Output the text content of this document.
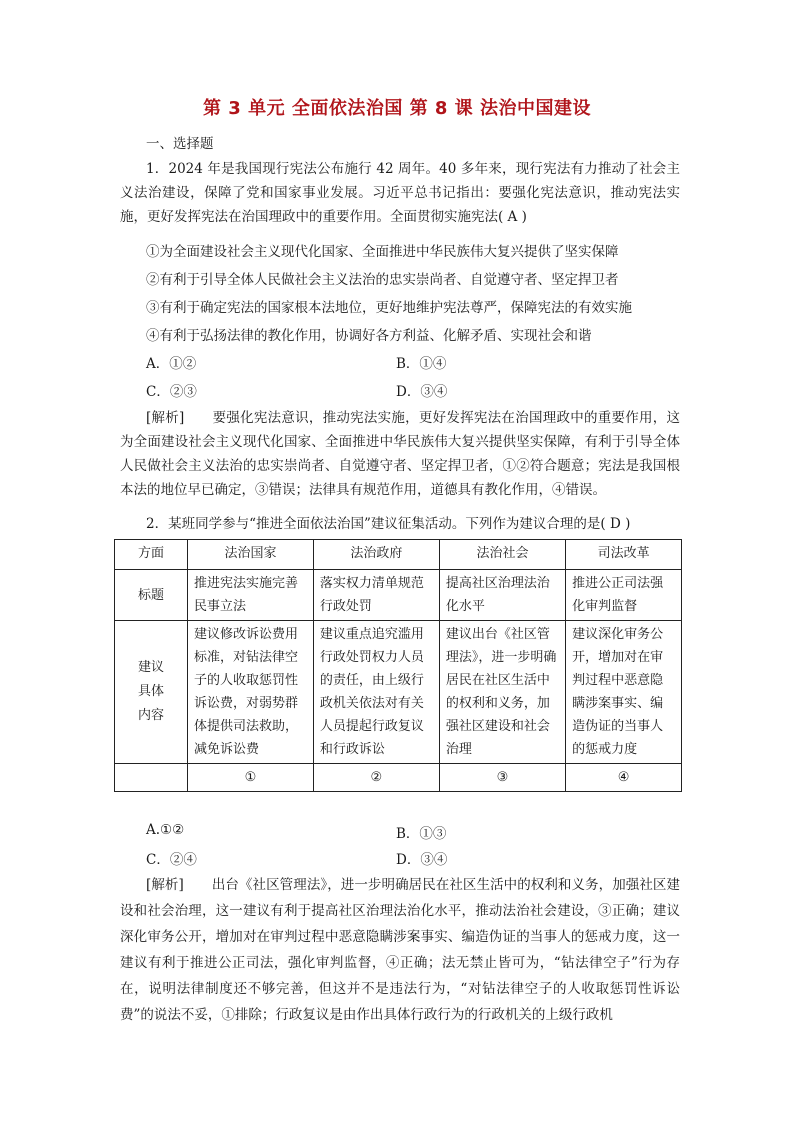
第 3 单元 全面依法治国 第 8 课 法治中国建设
一、选择题
1．2024 年是我国现行宪法公布施行 42 周年。40 多年来，现行宪法有力推动了社会主义法治建设，保障了党和国家事业发展。习近平总书记指出：要强化宪法意识，推动宪法实施，更好发挥宪法在治国理政中的重要作用。全面贯彻实施宪法( A )
①为全面建设社会主义现代化国家、全面推进中华民族伟大复兴提供了坚实保障
②有利于引导全体人民做社会主义法治的忠实崇尚者、自觉遵守者、坚定捍卫者
③有利于确定宪法的国家根本法地位，更好地维护宪法尊严，保障宪法的有效实施
④有利于弘扬法律的教化作用，协调好各方利益、化解矛盾、实现社会和谐
A．①②	B．①④
C．②③	D．③④
[解析] 要强化宪法意识，推动宪法实施，更好发挥宪法在治国理政中的重要作用，这为全面建设社会主义现代化国家、全面推进中华民族伟大复兴提供坚实保障，有利于引导全体人民做社会主义法治的忠实崇尚者、自觉遵守者、坚定捍卫者，①②符合题意；宪法是我国根本法的地位早已确定，③错误；法律具有规范作用，道德具有教化作用，④错误。
2．某班同学参与“推进全面依法治国”建议征集活动。下列作为建议合理的是( D )
方面	法治国家	法治政府	法治社会	司法改革
标题	推进宪法实施完善民事立法	落实权力清单规范行政处罚	提高社区治理法治化水平	推进公正司法强化审判监督
建议具体内容	建议修改诉讼费用标准，对钻法律空子的人收取惩罚性诉讼费，对弱势群体提供司法救助，减免诉讼费	建议重点追究滥用行政处罚权力人员的责任，由上级行政机关依法对有关人员提起行政复议和行政诉讼	建议出台《社区管理法》，进一步明确居民在社区生活中的权利和义务，加强社区建设和社会治理	建议深化审务公开，增加对在审判过程中恶意隐瞒涉案事实、编造伪证的当事人的惩戒力度
	①	②	③	④
A.①②	B．①③
C．②④	D．③④
[解析] 出台《社区管理法》，进一步明确居民在社区生活中的权利和义务，加强社区建设和社会治理，这一建议有利于提高社区治理法治化水平，推动法治社会建设，③正确；建议深化审务公开，增加对在审判过程中恶意隐瞒涉案事实、编造伪证的当事人的惩戒力度，这一建议有利于推进公正司法，强化审判监督，④正确；法无禁止皆可为，“钻法律空子”行为存在，说明法律制度还不够完善，但这并不是违法行为，“对钻法律空子的人收取惩罚性诉讼费”的说法不妥，①排除；行政复议是由作出具体行政行为的行政机关的上级行政机
